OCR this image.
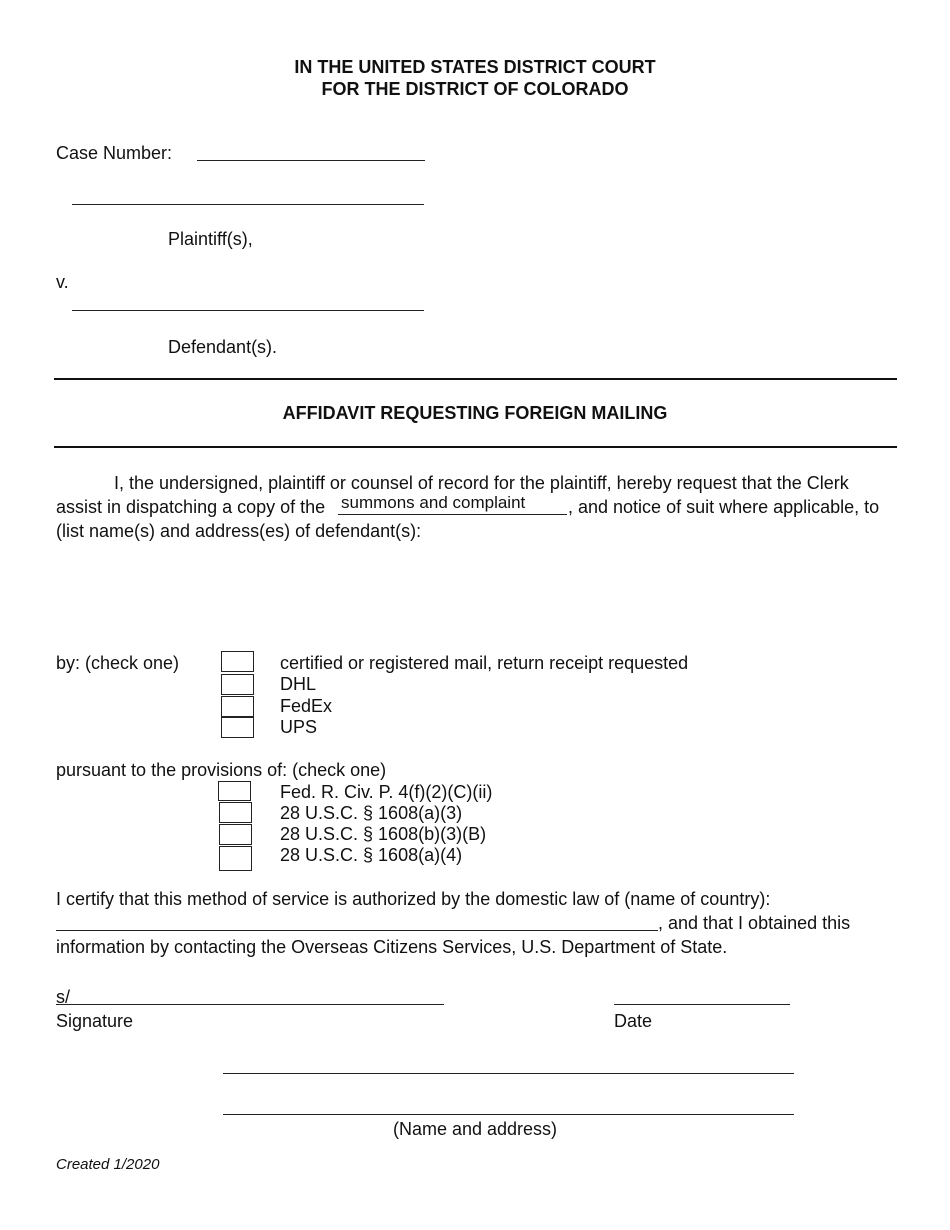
IN THE UNITED STATES DISTRICT COURT
FOR THE DISTRICT OF COLORADO
Case Number:
Plaintiff(s),
v.
Defendant(s).
AFFIDAVIT REQUESTING FOREIGN MAILING
I, the undersigned, plaintiff or counsel of record for the plaintiff, hereby request that the Clerk
assist in dispatching a copy of the summons and complaint , and notice of suit where applicable, to
(list name(s) and address(es) of defendant(s):
by: (check one)	certified or registered mail, return receipt requested
DHL
FedEx
UPS
pursuant to the provisions of: (check one)
Fed. R. Civ. P. 4(f)(2)(C)(ii)
28 U.S.C. § 1608(a)(3)
28 U.S.C. § 1608(b)(3)(B)
28 U.S.C. § 1608(a)(4)
I certify that this method of service is authorized by the domestic law of (name of country):
, and that I obtained this
information by contacting the Overseas Citizens Services, U.S. Department of State.
s/
Signature	Date
(Name and address)
Created 1/2020
